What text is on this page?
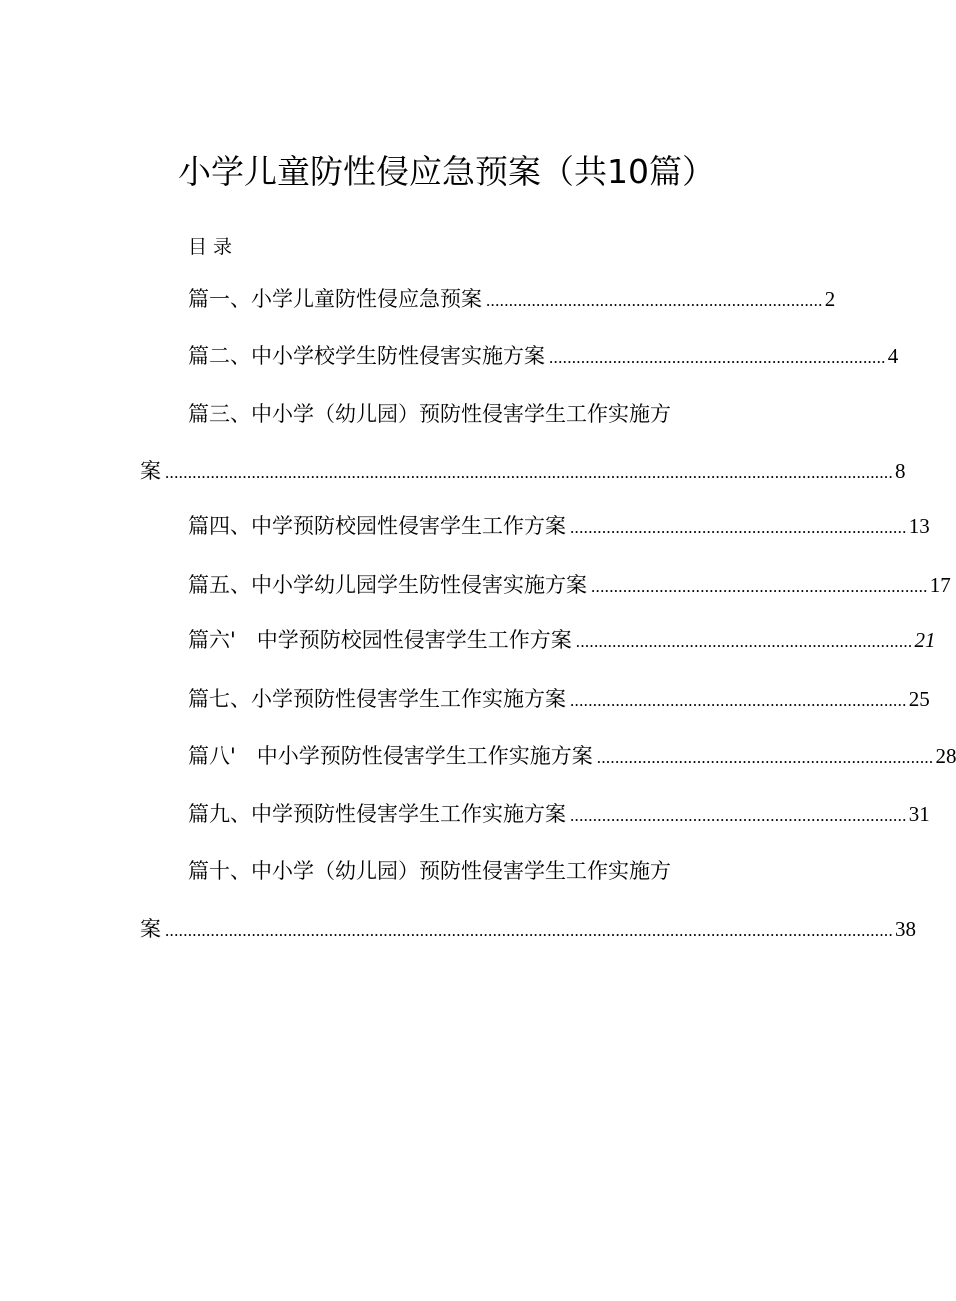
小学儿童防性侵应急预案（共10篇）
目录
篇一、小学儿童防性侵应急预案 .......................................................................... 2
篇二、中小学校学生防性侵害实施方案 .......................................................................... 4
篇三、中小学（幼儿园）预防性侵害学生工作实施方
案 ................................................................................................................................................................ 8
篇四、中学预防校园性侵害学生工作方案 .......................................................................... 13
篇五、中小学幼儿园学生防性侵害实施方案 .......................................................................... 17
篇六'　中学预防校园性侵害学生工作方案 .......................................................................... 21
篇七、小学预防性侵害学生工作实施方案 .......................................................................... 25
篇八'　中小学预防性侵害学生工作实施方案 .......................................................................... 28
篇九、中学预防性侵害学生工作实施方案 .......................................................................... 31
篇十、中小学（幼儿园）预防性侵害学生工作实施方
案 ................................................................................................................................................................ 38
